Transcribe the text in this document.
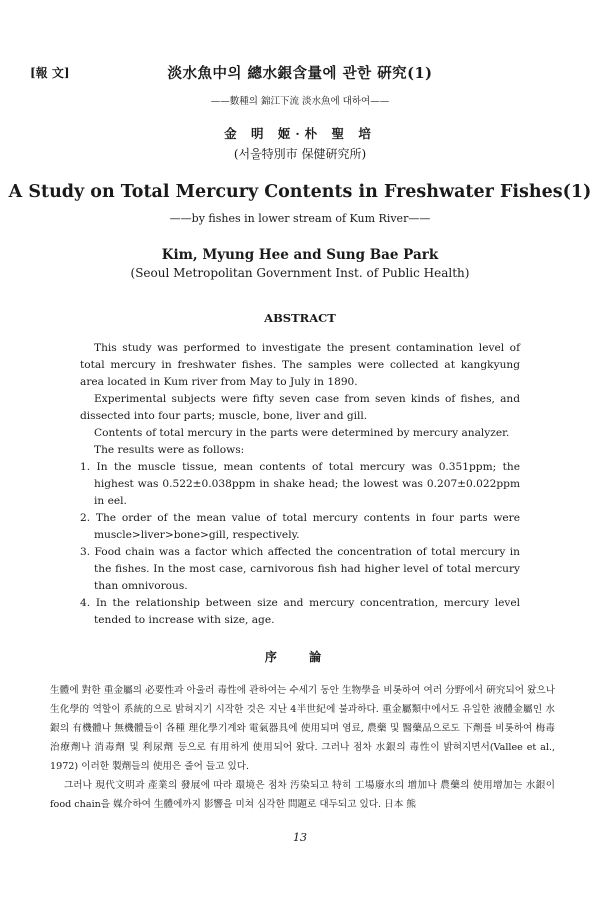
[報 文]	淡水魚中의 總水銀含量에 관한 硏究(1)
——數種의 錦江下流 淡水魚에 대하여——
金 明 姬·朴 聖 培
(서울特別市 保健硏究所)
A Study on Total Mercury Contents in Freshwater Fishes(1)
——by fishes in lower stream of Kum River——
Kim, Myung Hee and Sung Bae Park
(Seoul Metropolitan Government Inst. of Public Health)
ABSTRACT

This study was performed to investigate the present contamination level of total mercury in freshwater fishes. The samples were collected at kangkyung area located in Kum river from May to July in 1890.

Experimental subjects were fifty seven case from seven kinds of fishes, and dissected into four parts; muscle, bone, liver and gill.

Contents of total mercury in the parts were determined by mercury analyzer.

The results were as follows:

1. In the muscle tissue, mean contents of total mercury was 0.351ppm; the highest was 0.522±0.038ppm in shake head; the lowest was 0.207±0.022ppm in eel.
2. The order of the mean value of total mercury contents in four parts were muscle>liver>bone>gill, respectively.
3. Food chain was a factor which affected the concentration of total mercury in the fishes. In the most case, carnivorous fish had higher level of total mercury than omnivorous.
4. In the relationship between size and mercury concentration, mercury level tended to increase with size, age.
序 論

生體에 對한 重金屬의 必要性과 아울러 毒性에 관하여는 수세기 동안 生物學을 비롯하여 여러 分野에서 硏究되어 왔으나 生化學的 역할이 系統的으로 밝혀지기 시작한 것은 지난 4半世紀에 불과하다. 重金屬類中에서도 유일한 液體金屬인 水銀의 有機體나 無機體들이 各種 理化學기계와 電氣器具에 使用되며 염료, 農藥 및 醫藥品으로도 下劑를 비롯하여 梅毒治療劑나 消毒劑 및 利尿劑 등으로 有用하게 使用되어 왔다. 그러나 점차 水銀의 毒性이 밝혀지면서(Vallee et al., 1972) 이러한 製劑들의 使用은 줄어 들고 있다.

그러나 現代文明과 產業의 發展에 따라 環境은 점차 汚染되고 特히 工場廢水의 增加나 農藥의 使用增加는 水銀이 food chain을 媒介하여 生體에까지 影響을 미쳐 심각한 問題로 대두되고 있다. 日本 熊

13
